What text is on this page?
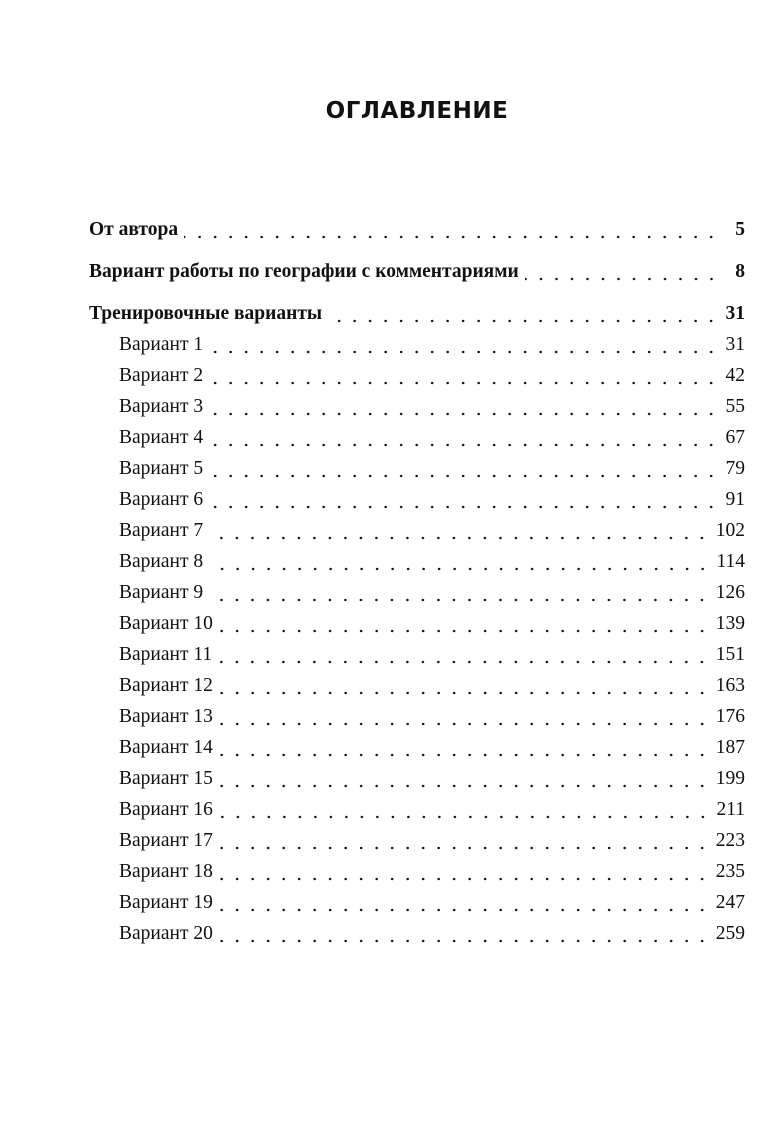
ОГЛАВЛЕНИЕ
От автора	5
Вариант работы по географии с комментариями	8
Тренировочные варианты	31
Вариант 1	31
Вариант 2	42
Вариант 3	55
Вариант 4	67
Вариант 5	79
Вариант 6	91
Вариант 7	102
Вариант 8	114
Вариант 9	126
Вариант 10	139
Вариант 11	151
Вариант 12	163
Вариант 13	176
Вариант 14	187
Вариант 15	199
Вариант 16	211
Вариант 17	223
Вариант 18	235
Вариант 19	247
Вариант 20	259
